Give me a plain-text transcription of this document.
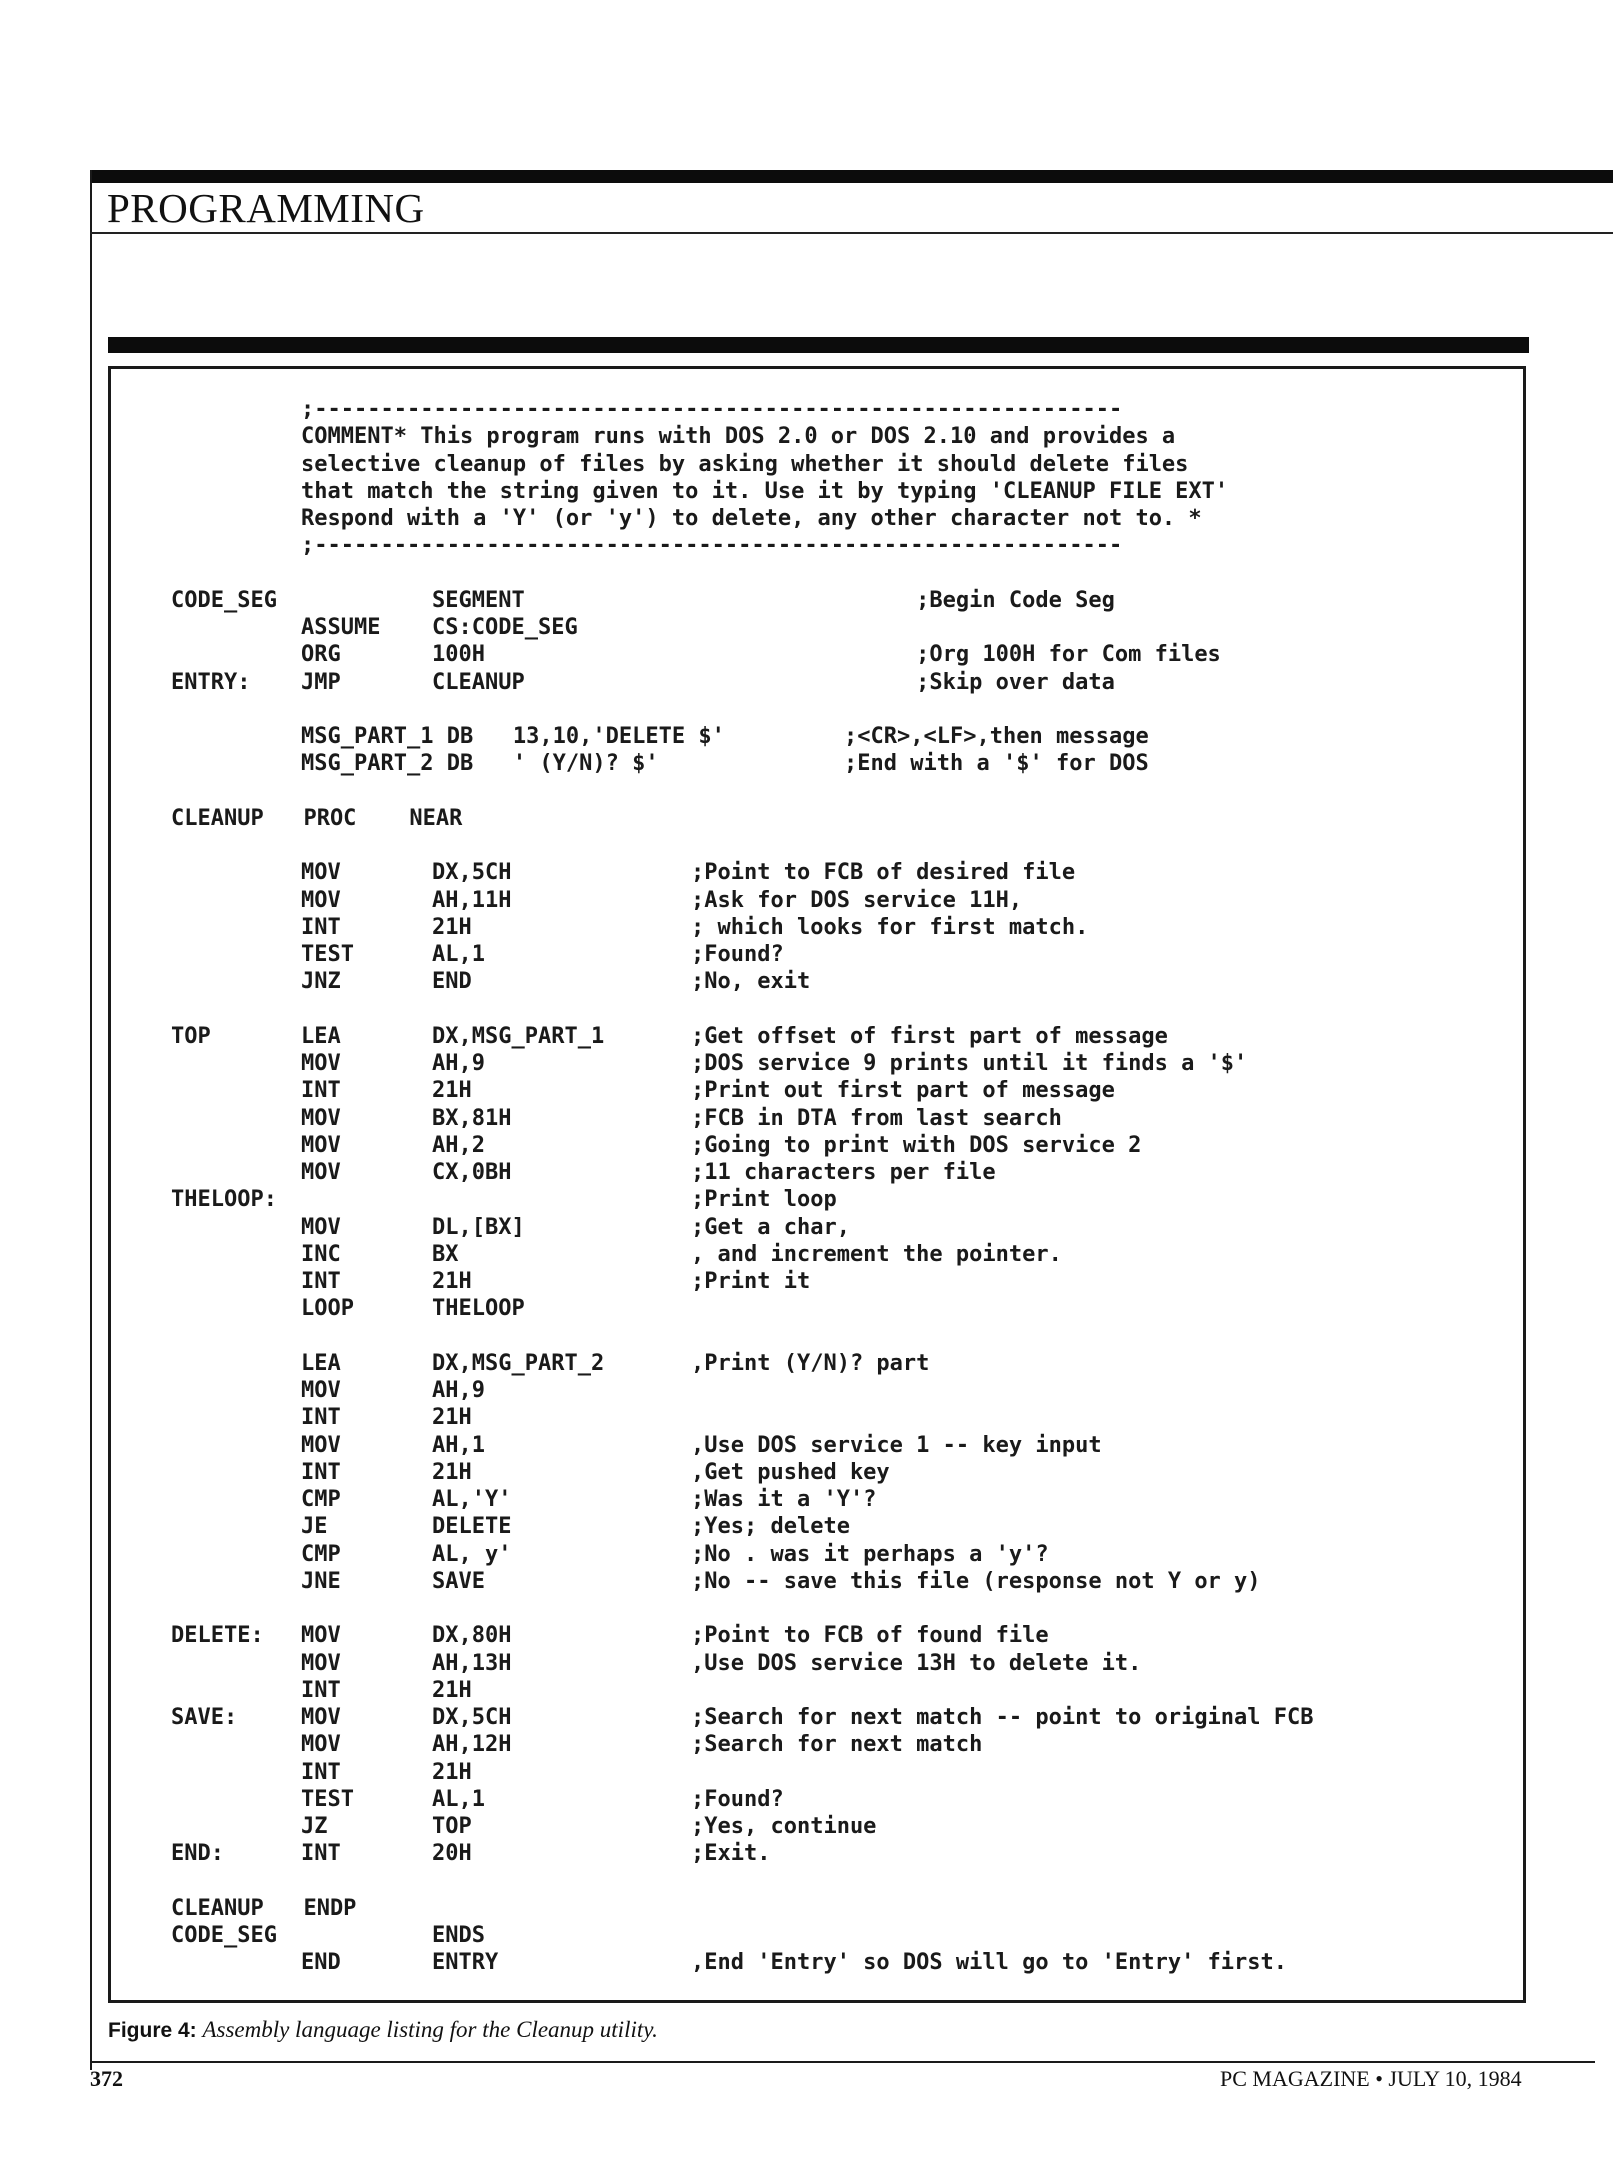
PROGRAMMING
;-------------------------------------------------------------
COMMENT* This program runs with DOS 2.0 or DOS 2.10 and provides a
selective cleanup of files by asking whether it should delete files
that match the string given to it. Use it by typing 'CLEANUP FILE EXT'
Respond with a 'Y' (or 'y') to delete, any other character not to. *
;-------------------------------------------------------------
CODE_SEG	SEGMENT	;Begin Code Seg
ASSUME CS:CODE_SEG
ORG	100H	;Org 100H for Com files
ENTRY: JMP	CLEANUP	;Skip over data
MSG_PART_1 DB   13,10,'DELETE $'         ;<CR>,<LF>,then message
MSG_PART_2 DB   ' (Y/N)? $'              ;End with a '$' for DOS
CLEANUP   PROC    NEAR
MOV	DX,5CH	;Point to FCB of desired file
MOV	AH,11H	;Ask for DOS service 11H,
INT	21H	; which looks for first match.
TEST	AL,1	;Found?
JNZ	END	;No, exit
TOP	LEA	DX,MSG_PART_1	;Get offset of first part of message
MOV	AH,9	;DOS service 9 prints until it finds a '$'
INT	21H	;Print out first part of message
MOV	BX,81H	;FCB in DTA from last search
MOV	AH,2	;Going to print with DOS service 2
MOV	CX,0BH	;11 characters per file
THELOOP:	;Print loop
MOV	DL,[BX]	;Get a char,
INC	BX	, and increment the pointer.
INT	21H	;Print it
LOOP	THELOOP
LEA	DX,MSG_PART_2	,Print (Y/N)? part
MOV	AH,9
INT	21H
MOV	AH,1	,Use DOS service 1 -- key input
INT	21H	,Get pushed key
CMP	AL,'Y'	;Was it a 'Y'?
JE	DELETE	;Yes; delete
CMP	AL, y'	;No . was it perhaps a 'y'?
JNE	SAVE	;No -- save this file (response not Y or y)
DELETE: MOV	DX,80H	;Point to FCB of found file
MOV	AH,13H	,Use DOS service 13H to delete it.
INT	21H
SAVE:	MOV	DX,5CH	;Search for next match -- point to original FCB
MOV	AH,12H	;Search for next match
INT	21H
TEST	AL,1	;Found?
JZ	TOP	;Yes, continue
END:	INT	20H	;Exit.
CLEANUP   ENDP
CODE_SEG	ENDS
END	ENTRY	,End 'Entry' so DOS will go to 'Entry' first.
Figure 4: Assembly language listing for the Cleanup utility.
372	PC MAGAZINE • JULY 10, 1984
